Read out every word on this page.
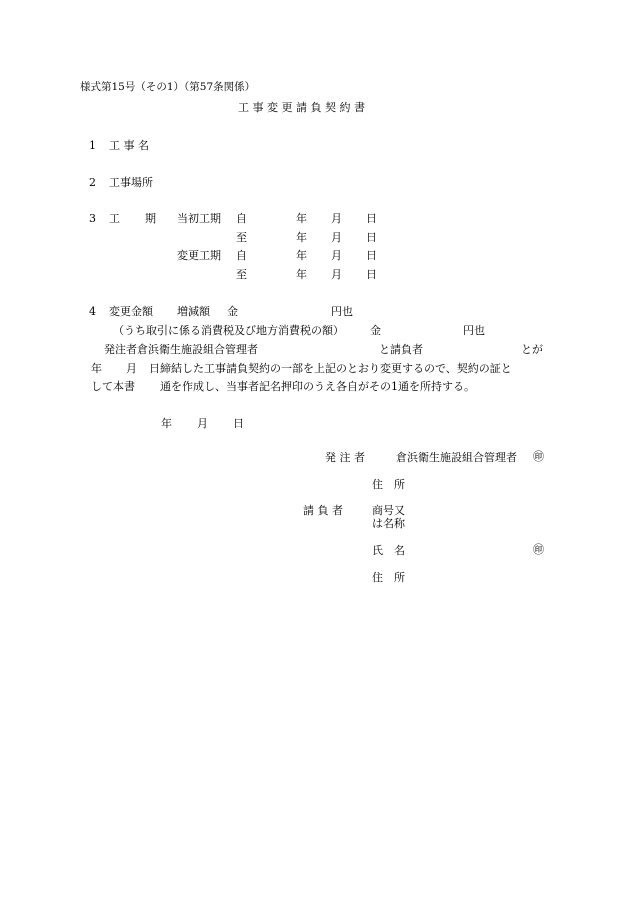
様式第15号（その1）（第57条関係）
工 事 変 更 請 負 契 約 書
1 工 事 名
2 工事場所
3 工 期 当初工期 自	年 月 日
至	年 月 日
変更工期 自	年 月 日
至	年 月 日
4 変更金額 増減額 金	円也
（うち取引に係る消費税及び地方消費税の額） 金	円也
発注者倉浜衛生施設組合管理者	と請負者	とが
年 月 日締結した工事請負契約の一部を上記のとおり変更するので、契約の証と
して本書 通を作成し、当事者記名押印のうえ各自がその1通を所持する。
年 月 日
発 注 者	倉浜衛生施設組合管理者 ㊞
住　所
請 負 者	商号又
は名称
氏　名	㊞
住　所
